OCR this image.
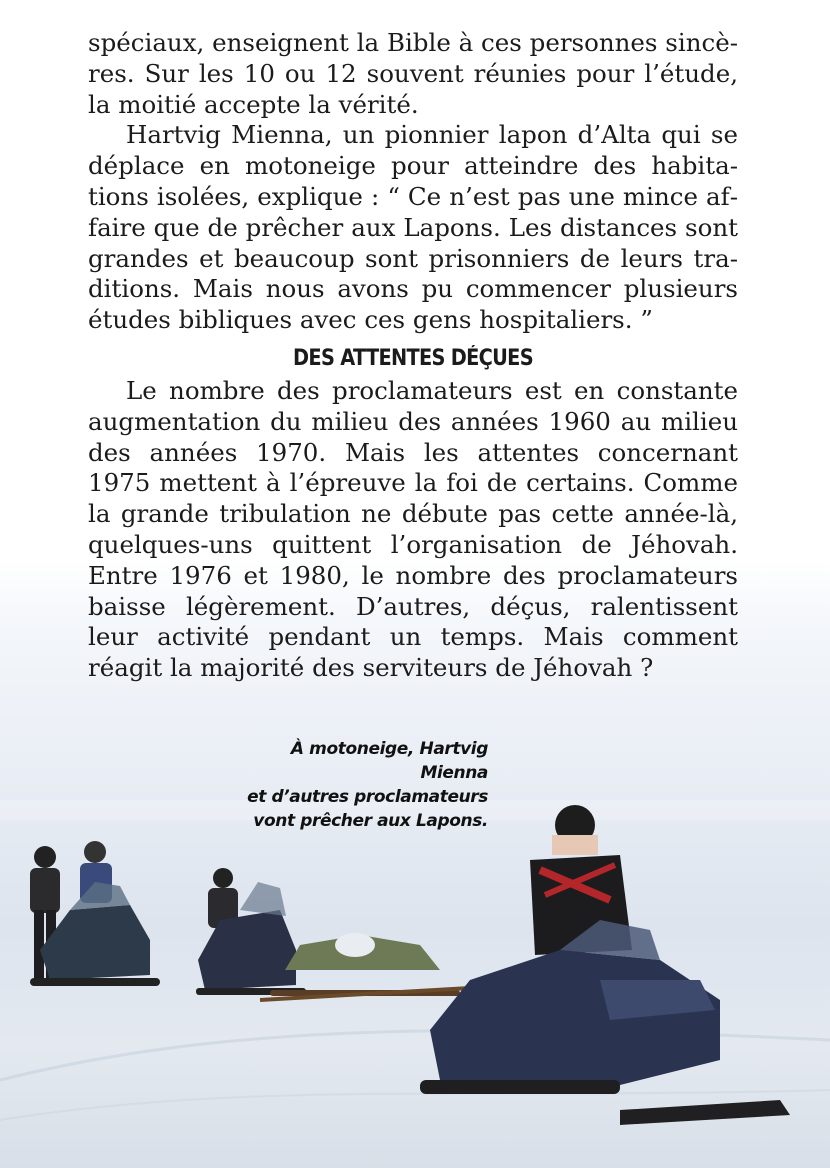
spéciaux, enseignent la Bible à ces personnes sincères. Sur les 10 ou 12 souvent réunies pour l’étude, la moitié accepte la vérité.

Hartvig Mienna, un pionnier lapon d’Alta qui se déplace en motoneige pour atteindre des habitations isolées, explique : “ Ce n’est pas une mince affaire que de prêcher aux Lapons. Les distances sont grandes et beaucoup sont prisonniers de leurs traditions. Mais nous avons pu commencer plusieurs études bibliques avec ces gens hospitaliers. ”

DES ATTENTES DÉÇUES

Le nombre des proclamateurs est en constante augmentation du milieu des années 1960 au milieu des années 1970. Mais les attentes concernant 1975 mettent à l’épreuve la foi de certains. Comme la grande tribulation ne débute pas cette année-là, quelques-uns quittent l’organisation de Jéhovah. Entre 1976 et 1980, le nombre des proclamateurs baisse légèrement. D’autres, déçus, ralentissent leur activité pendant un temps. Mais comment réagit la majorité des serviteurs de Jéhovah ?

À motoneige, Hartvig Mienna
et d’autres proclamateurs
vont prêcher aux Lapons.
